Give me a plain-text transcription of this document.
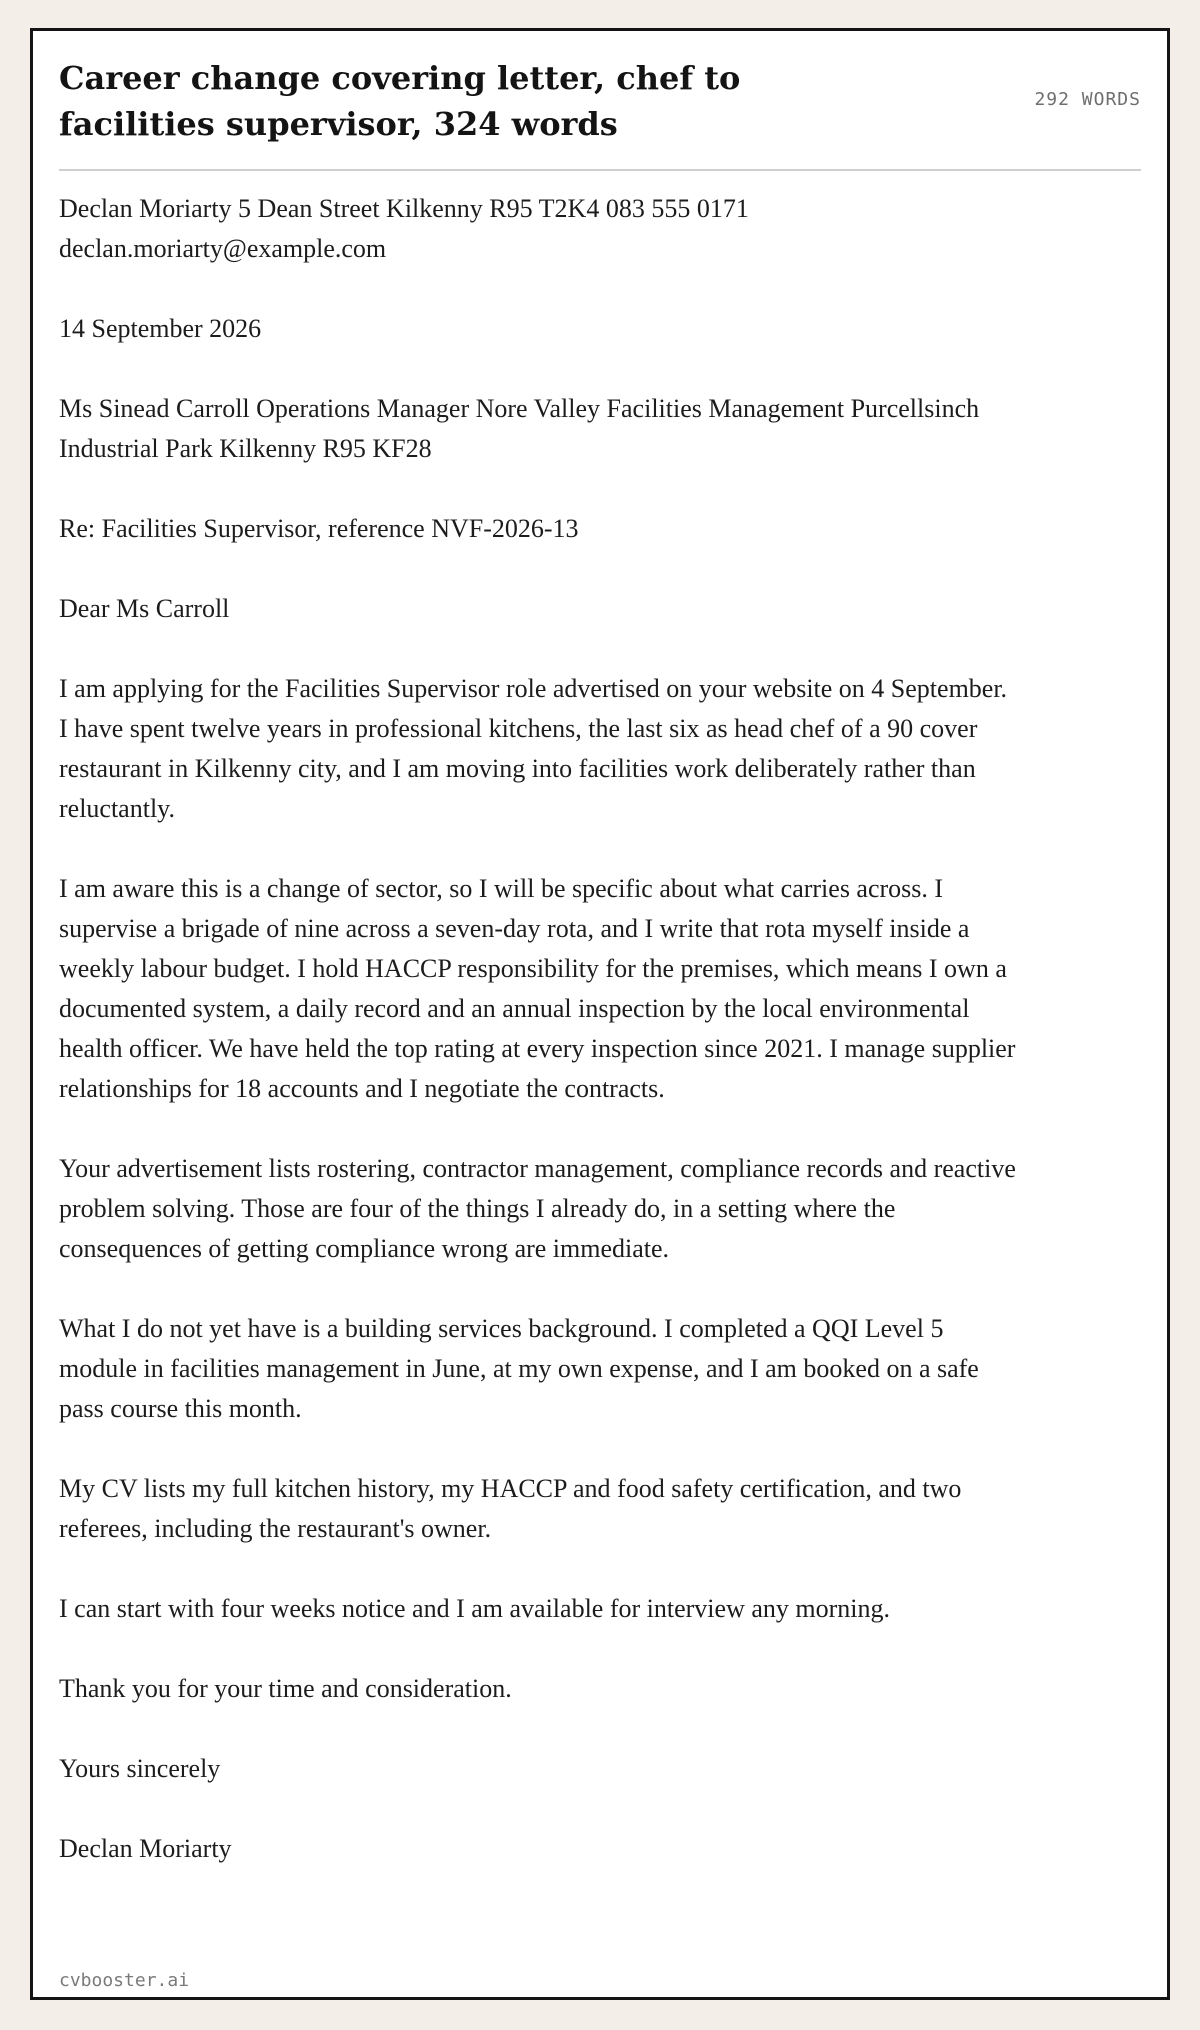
Career change covering letter, chef to facilities supervisor, 324 words
292 WORDS

Declan Moriarty 5 Dean Street Kilkenny R95 T2K4 083 555 0171 declan.moriarty@example.com

14 September 2026

Ms Sinead Carroll Operations Manager Nore Valley Facilities Management Purcellsinch Industrial Park Kilkenny R95 KF28

Re: Facilities Supervisor, reference NVF-2026-13

Dear Ms Carroll

I am applying for the Facilities Supervisor role advertised on your website on 4 September. I have spent twelve years in professional kitchens, the last six as head chef of a 90 cover restaurant in Kilkenny city, and I am moving into facilities work deliberately rather than reluctantly.

I am aware this is a change of sector, so I will be specific about what carries across. I supervise a brigade of nine across a seven-day rota, and I write that rota myself inside a weekly labour budget. I hold HACCP responsibility for the premises, which means I own a documented system, a daily record and an annual inspection by the local environmental health officer. We have held the top rating at every inspection since 2021. I manage supplier relationships for 18 accounts and I negotiate the contracts.

Your advertisement lists rostering, contractor management, compliance records and reactive problem solving. Those are four of the things I already do, in a setting where the consequences of getting compliance wrong are immediate.

What I do not yet have is a building services background. I completed a QQI Level 5 module in facilities management in June, at my own expense, and I am booked on a safe pass course this month.

My CV lists my full kitchen history, my HACCP and food safety certification, and two referees, including the restaurant's owner.

I can start with four weeks notice and I am available for interview any morning.

Thank you for your time and consideration.

Yours sincerely

Declan Moriarty

cvbooster.ai
